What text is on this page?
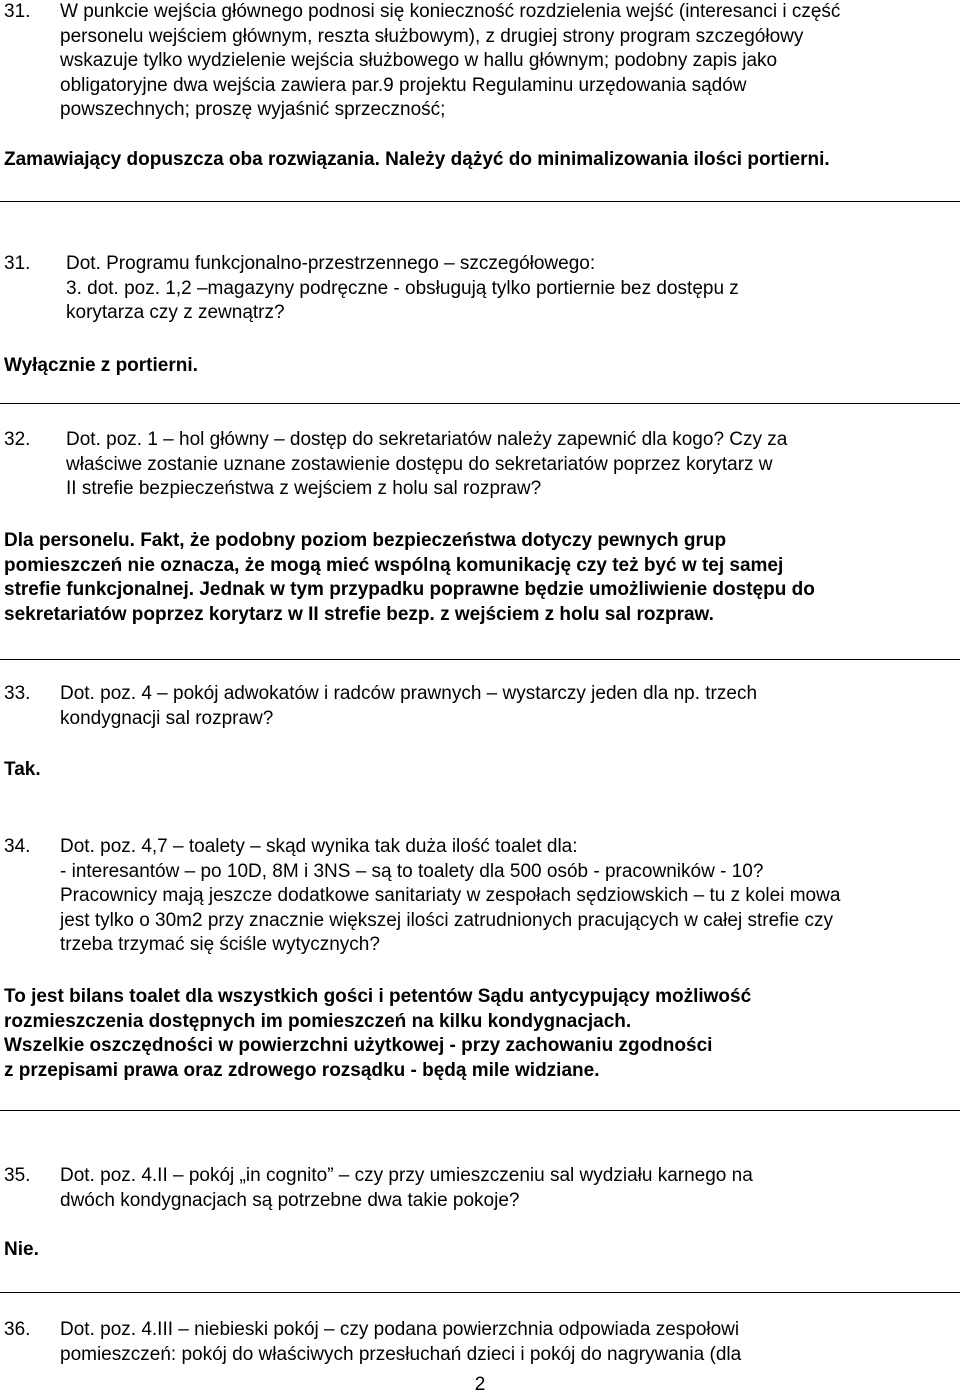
31. W punkcie wejścia głównego podnosi się konieczność rozdzielenia wejść (interesanci i część

personelu wejściem głównym, reszta służbowym), z drugiej strony program szczegółowy

wskazuje tylko wydzielenie wejścia służbowego w hallu głównym; podobny zapis jako

obligatoryjne dwa wejścia zawiera par.9 projektu Regulaminu urzędowania sądów

powszechnych; proszę wyjaśnić sprzeczność;

Zamawiający dopuszcza oba rozwiązania. Należy dążyć do minimalizowania ilości portierni.

31. Dot. Programu funkcjonalno-przestrzennego – szczegółowego:

3. dot. poz. 1,2 –magazyny podręczne - obsługują tylko portiernie bez dostępu z

korytarza czy z zewnątrz?

Wyłącznie z portierni.

32. Dot. poz. 1 – hol główny – dostęp do sekretariatów należy zapewnić dla kogo? Czy za

właściwe zostanie uznane zostawienie dostępu do sekretariatów poprzez korytarz w

II strefie bezpieczeństwa z wejściem z holu sal rozpraw?

Dla personelu. Fakt, że podobny poziom bezpieczeństwa dotyczy pewnych grup

pomieszczeń nie oznacza, że mogą mieć wspólną komunikację czy też być w tej samej

strefie funkcjonalnej. Jednak w tym przypadku poprawne będzie umożliwienie dostępu do

sekretariatów poprzez korytarz w II strefie bezp. z wejściem z holu sal rozpraw.

33. Dot. poz. 4 – pokój adwokatów i radców prawnych – wystarczy jeden dla np. trzech

kondygnacji sal rozpraw?

Tak.

34. Dot. poz. 4,7 – toalety – skąd wynika tak duża ilość toalet dla:

- interesantów – po 10D, 8M i 3NS – są to toalety dla 500 osób - pracowników - 10?

Pracownicy mają jeszcze dodatkowe sanitariaty w zespołach sędziowskich – tu z kolei mowa

jest tylko o 30m2 przy znacznie większej ilości zatrudnionych pracujących w całej strefie czy

trzeba trzymać się ściśle wytycznych?

To jest bilans toalet dla wszystkich gości i petentów Sądu antycypujący możliwość

rozmieszczenia dostępnych im pomieszczeń na kilku kondygnacjach.

Wszelkie oszczędności w powierzchni użytkowej - przy zachowaniu zgodności

z przepisami prawa oraz zdrowego rozsądku - będą mile widziane.

35. Dot. poz. 4.II – pokój „in cognito” – czy przy umieszczeniu sal wydziału karnego na

dwóch kondygnacjach są potrzebne dwa takie pokoje?

Nie.

36. Dot. poz. 4.III – niebieski pokój – czy podana powierzchnia odpowiada zespołowi

pomieszczeń: pokój do właściwych przesłuchań dzieci i pokój do nagrywania (dla

2
